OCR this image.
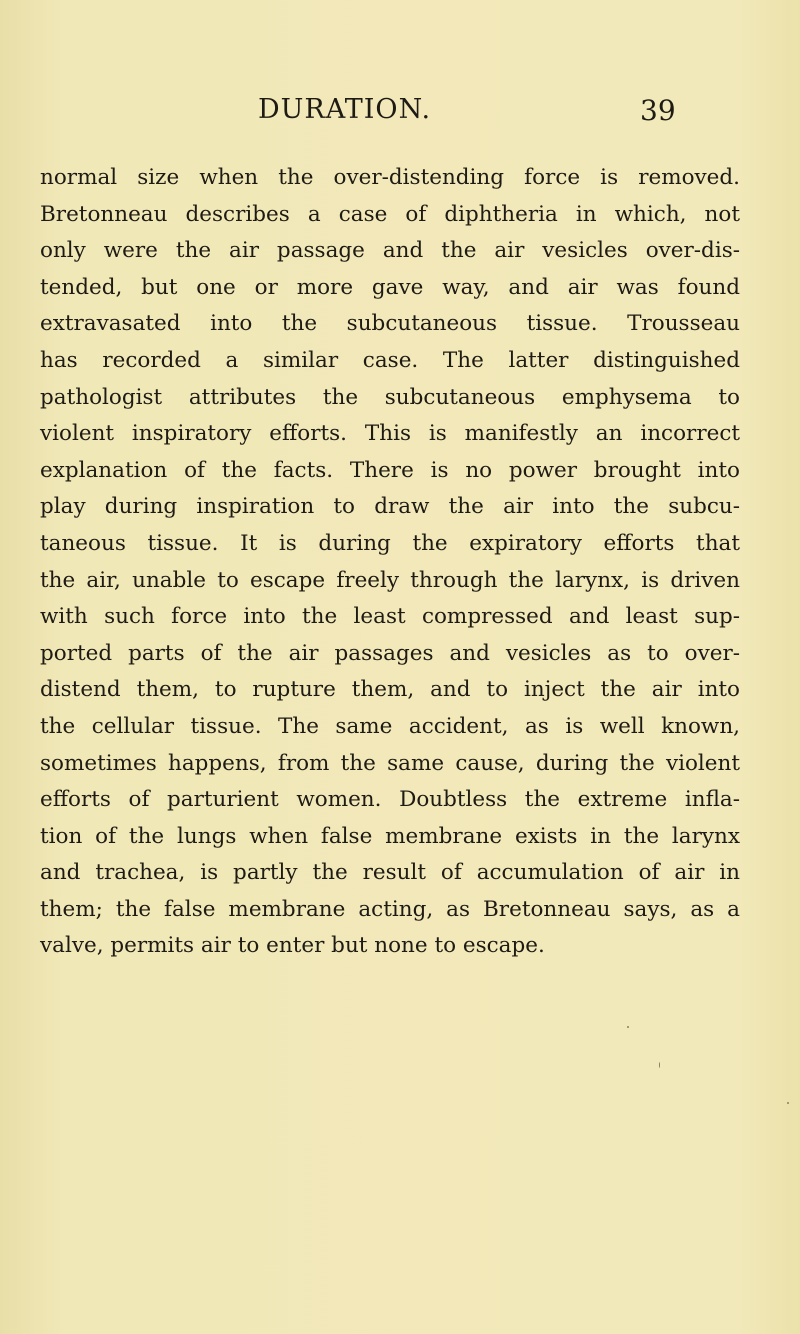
DURATION.	39
normal size when the over-distending force is removed.
Bretonneau describes a case of diphtheria in which, not
only were the air passage and the air vesicles over-dis-
tended, but one or more gave way, and air was found
extravasated into the subcutaneous tissue. Trousseau
has recorded a similar case. The latter distinguished
pathologist attributes the subcutaneous emphysema to
violent inspiratory efforts. This is manifestly an incorrect
explanation of the facts. There is no power brought into
play during inspiration to draw the air into the subcu-
taneous tissue. It is during the expiratory efforts that
the air, unable to escape freely through the larynx, is driven
with such force into the least compressed and least sup-
ported parts of the air passages and vesicles as to over-
distend them, to rupture them, and to inject the air into
the cellular tissue. The same accident, as is well known,
sometimes happens, from the same cause, during the violent
efforts of parturient women. Doubtless the extreme infla-
tion of the lungs when false membrane exists in the larynx
and trachea, is partly the result of accumulation of air in
them; the false membrane acting, as Bretonneau says, as a
valve, permits air to enter but none to escape.
